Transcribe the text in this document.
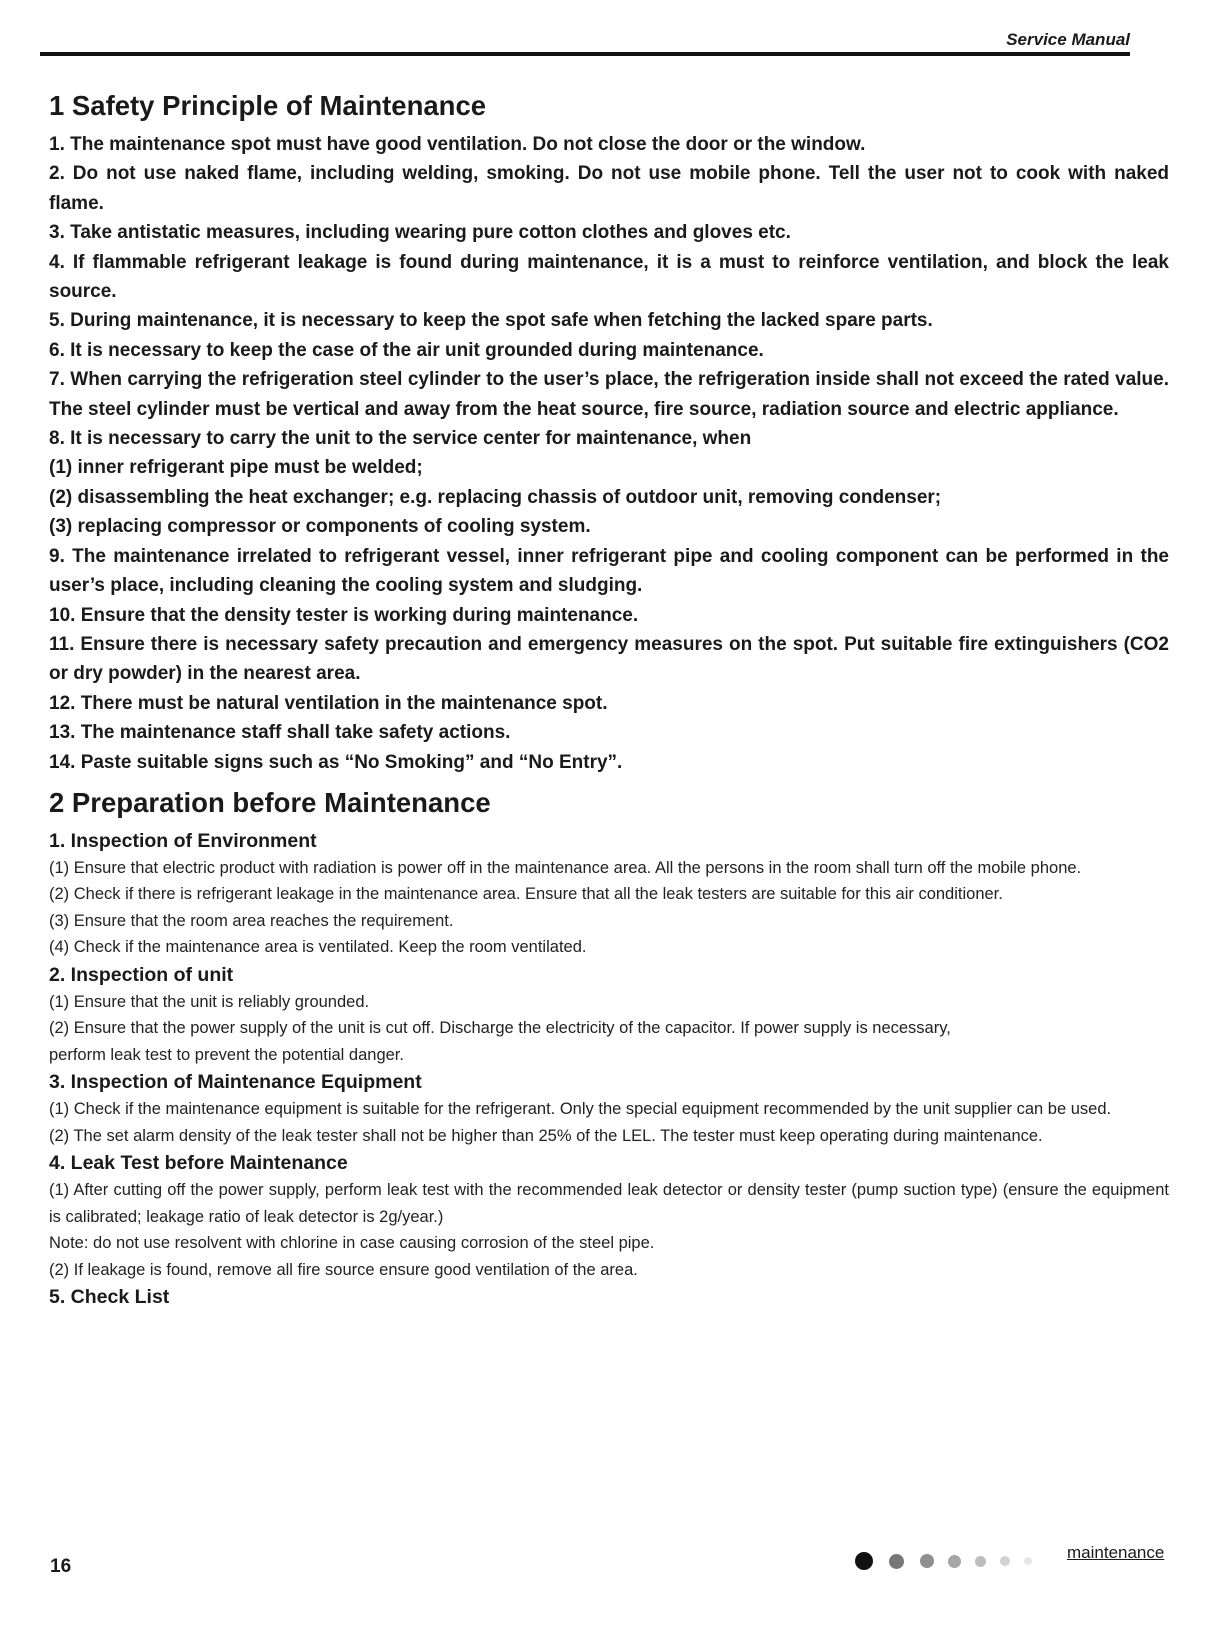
Service Manual
1 Safety Principle of Maintenance

1. The maintenance spot must have good ventilation. Do not close the door or the window.

2. Do not use naked flame, including welding, smoking. Do not use mobile phone. Tell the user not to cook with naked flame.

3. Take antistatic measures, including wearing pure cotton clothes and gloves etc.

4. If flammable refrigerant leakage is found during maintenance, it is a must to reinforce ventilation, and block the leak source.

5. During maintenance, it is necessary to keep the spot safe when fetching the lacked spare parts.

6. It is necessary to keep the case of the air unit grounded during maintenance.

7. When carrying the refrigeration steel cylinder to the user’s place, the refrigeration inside shall not exceed the rated value. The steel cylinder must be vertical and away from the heat source, fire source, radiation source and electric appliance.

8. It is necessary to carry the unit to the service center for maintenance, when

(1) inner refrigerant pipe must be welded;

(2) disassembling the heat exchanger; e.g. replacing chassis of outdoor unit, removing condenser;

(3) replacing compressor or components of cooling system.

9. The maintenance irrelated to refrigerant vessel, inner refrigerant pipe and cooling component can be performed in the user’s place, including cleaning the cooling system and sludging.

10. Ensure that the density tester is working during maintenance.

11. Ensure there is necessary safety precaution and emergency measures on the spot. Put suitable fire extinguishers (CO2 or dry powder) in the nearest area.

12. There must be natural ventilation in the maintenance spot.

13. The maintenance staff shall take safety actions.

14. Paste suitable signs such as “No Smoking” and “No Entry”.

2 Preparation before Maintenance

1. Inspection of Environment

(1) Ensure that electric product with radiation is power off in the maintenance area. All the persons in the room shall turn off the mobile phone.

(2) Check if there is refrigerant leakage in the maintenance area. Ensure that all the leak testers are suitable for this air conditioner.

(3) Ensure that the room area reaches the requirement.

(4) Check if the maintenance area is ventilated. Keep the room ventilated.

2. Inspection of unit

(1) Ensure that the unit is reliably grounded.

(2) Ensure that the power supply of the unit is cut off. Discharge the electricity of the capacitor. If power supply is necessary,

perform leak test to prevent the potential danger.

3. Inspection of Maintenance Equipment

(1) Check if the maintenance equipment is suitable for the refrigerant. Only the special equipment recommended by the unit supplier can be used.

(2) The set alarm density of the leak tester shall not be higher than 25% of the LEL. The tester must keep operating during maintenance.

4. Leak Test before Maintenance

(1) After cutting off the power supply, perform leak test with the recommended leak detector or density tester (pump suction type) (ensure the equipment is calibrated; leakage ratio of leak detector is 2g/year.)

Note: do not use resolvent with chlorine in case causing corrosion of the steel pipe.

(2) If leakage is found, remove all fire source ensure good ventilation of the area.

5. Check List

16
maintenance
